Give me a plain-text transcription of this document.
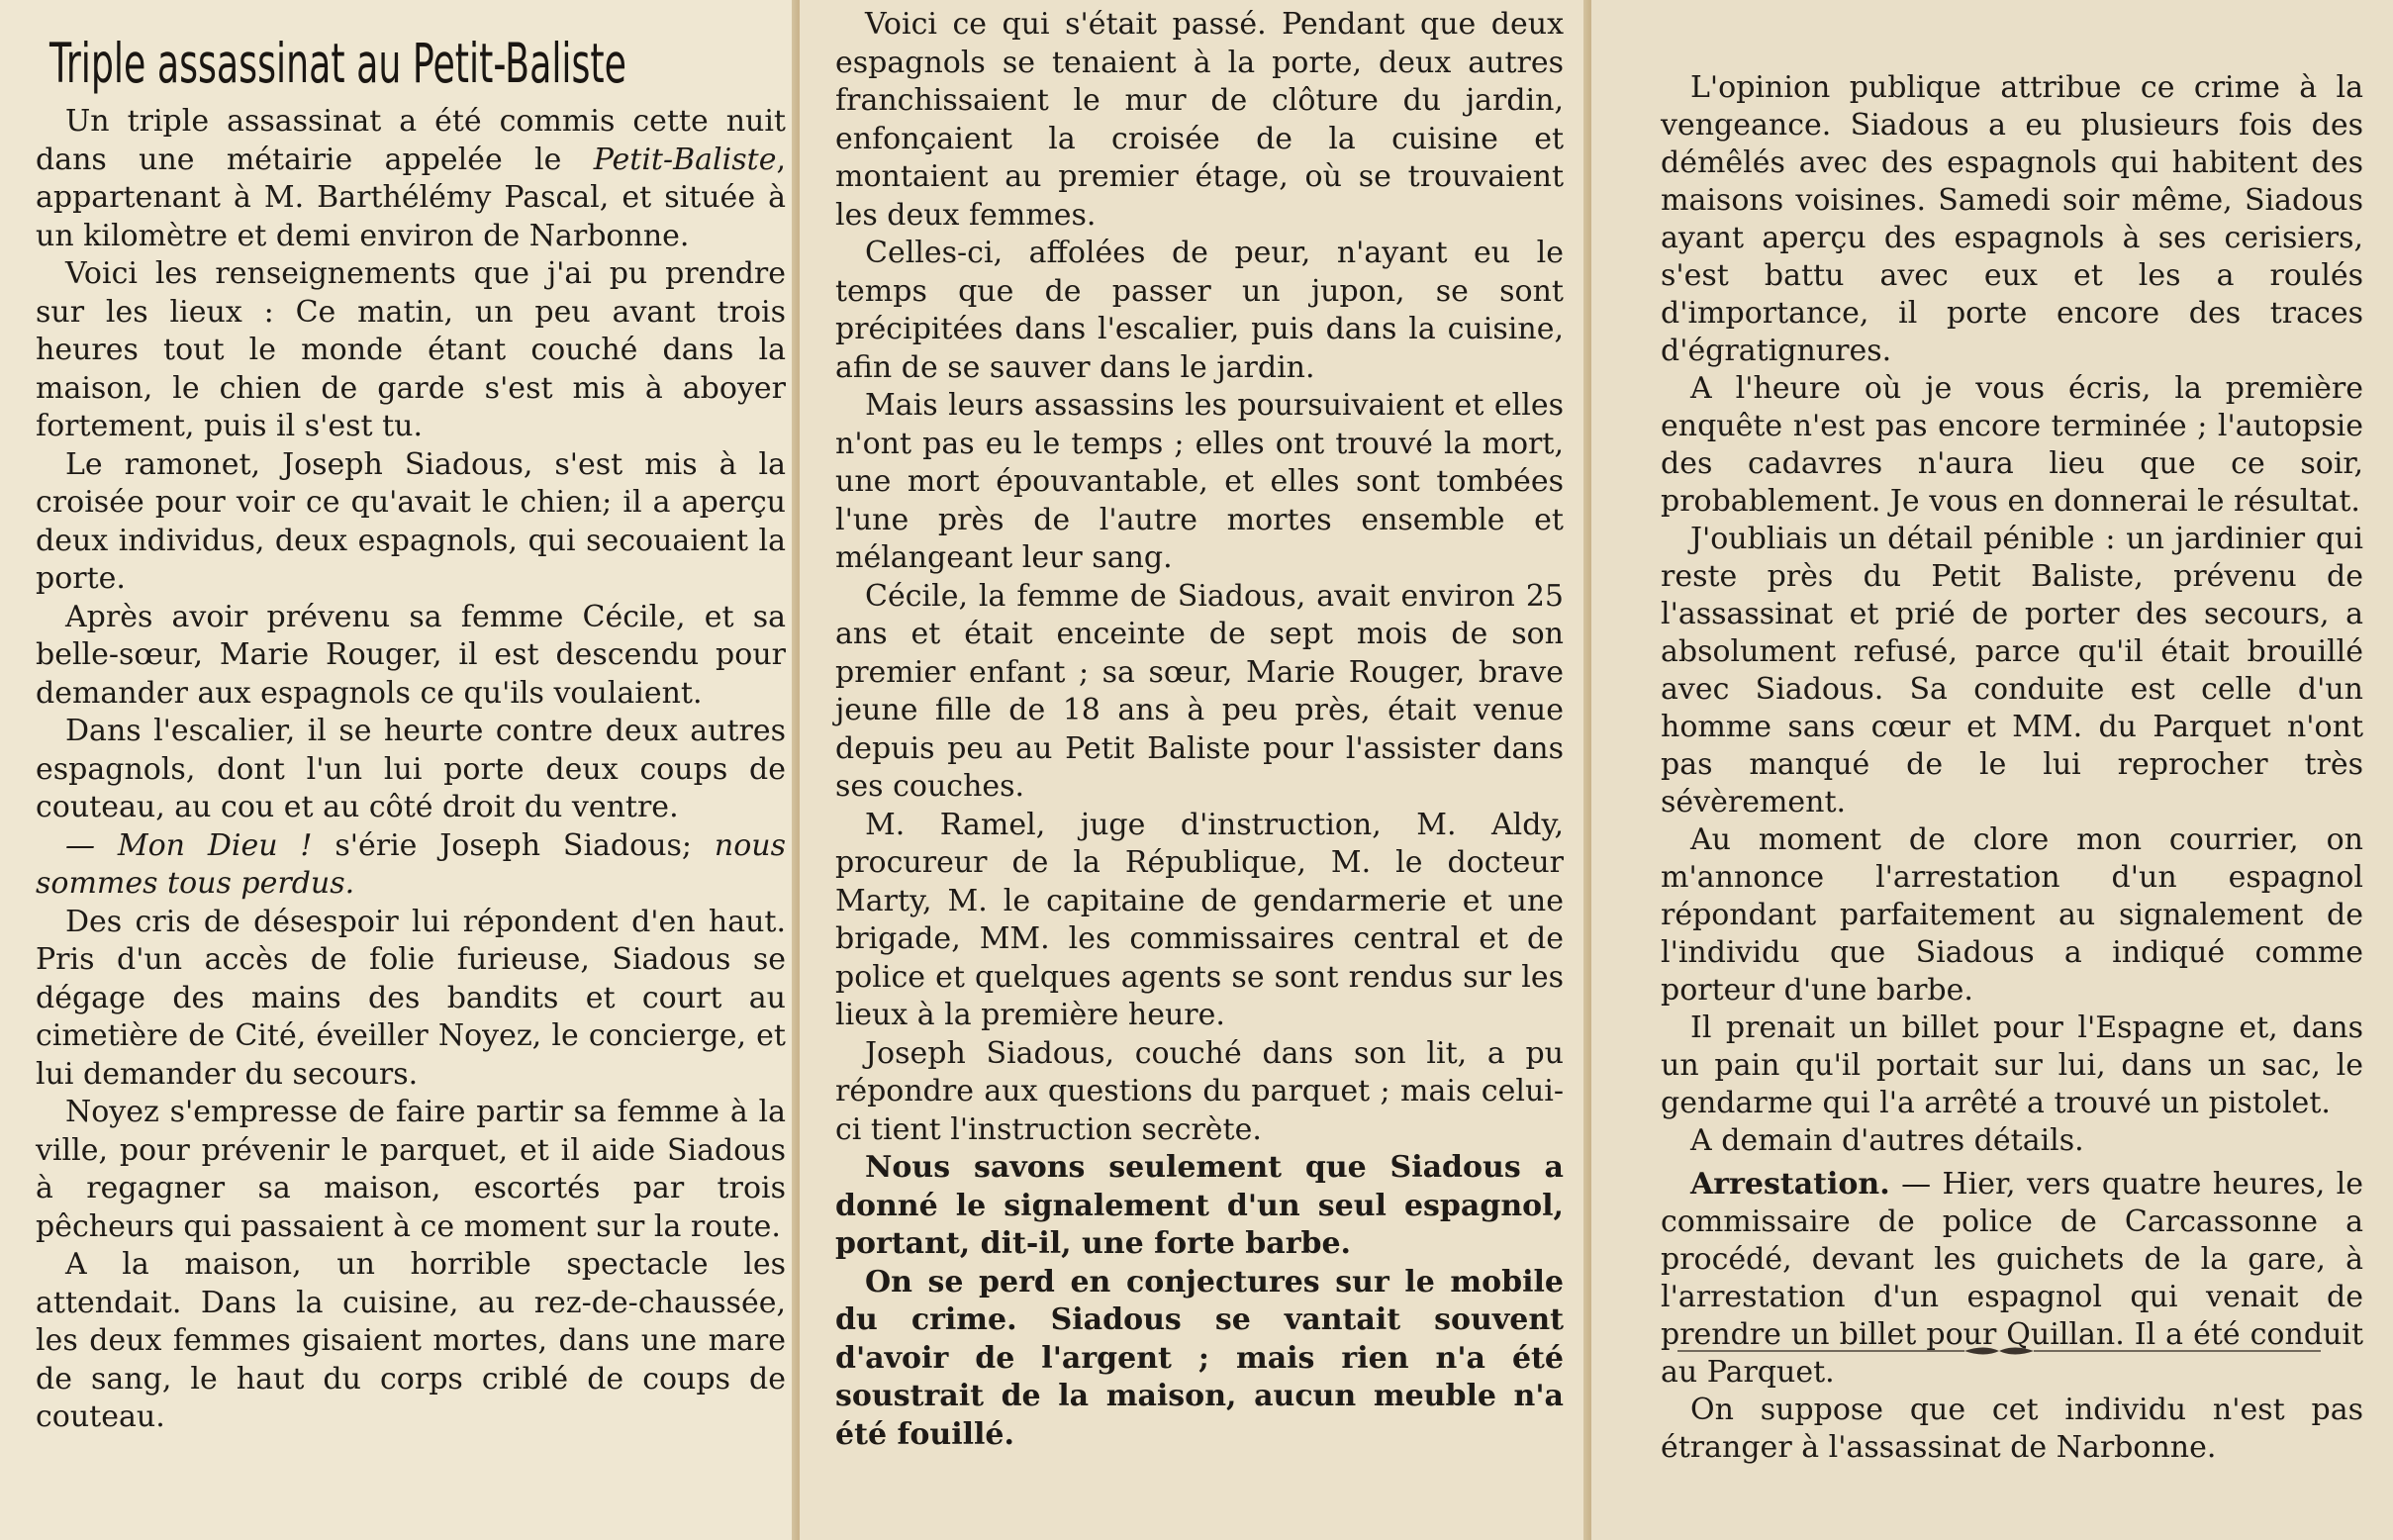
Triple assassinat au Petit-Baliste

Un triple assassinat a été commis cette nuit dans une métairie appelée le Petit-Baliste, appartenant à M. Barthélémy Pascal, et située à un kilomètre et demi environ de Narbonne.

Voici les renseignements que j'ai pu prendre sur les lieux : Ce matin, un peu avant trois heures tout le monde étant couché dans la maison, le chien de garde s'est mis à aboyer fortement, puis il s'est tu.

Le ramonet, Joseph Siadous, s'est mis à la croisée pour voir ce qu'avait le chien; il a aperçu deux individus, deux espagnols, qui secouaient la porte.

Après avoir prévenu sa femme Cécile, et sa belle-sœur, Marie Rouger, il est descendu pour demander aux espagnols ce qu'ils voulaient.

Dans l'escalier, il se heurte contre deux autres espagnols, dont l'un lui porte deux coups de couteau, au cou et au côté droit du ventre.

— Mon Dieu ! s'érie Joseph Siadous; nous sommes tous perdus.

Des cris de désespoir lui répondent d'en haut. Pris d'un accès de folie furieuse, Siadous se dégage des mains des bandits et court au cimetière de Cité, éveiller Noyez, le concierge, et lui demander du secours.

Noyez s'empresse de faire partir sa femme à la ville, pour prévenir le parquet, et il aide Siadous à regagner sa maison, escortés par trois pêcheurs qui passaient à ce moment sur la route.

A la maison, un horrible spectacle les attendait. Dans la cuisine, au rez-de-chaussée, les deux femmes gisaient mortes, dans une mare de sang, le haut du corps criblé de coups de couteau.

Voici ce qui s'était passé. Pendant que deux espagnols se tenaient à la porte, deux autres franchissaient le mur de clôture du jardin, enfonçaient la croisée de la cuisine et montaient au premier étage, où se trouvaient les deux femmes.

Celles-ci, affolées de peur, n'ayant eu le temps que de passer un jupon, se sont précipitées dans l'escalier, puis dans la cuisine, afin de se sauver dans le jardin.

Mais leurs assassins les poursuivaient et elles n'ont pas eu le temps ; elles ont trouvé la mort, une mort épouvantable, et elles sont tombées l'une près de l'autre mortes ensemble et mélangeant leur sang.

Cécile, la femme de Siadous, avait environ 25 ans et était enceinte de sept mois de son premier enfant ; sa sœur, Marie Rouger, brave jeune fille de 18 ans à peu près, était venue depuis peu au Petit Baliste pour l'assister dans ses couches.

M. Ramel, juge d'instruction, M. Aldy, procureur de la République, M. le docteur Marty, M. le capitaine de gendarmerie et une brigade, MM. les commissaires central et de police et quelques agents se sont rendus sur les lieux à la première heure.

Joseph Siadous, couché dans son lit, a pu répondre aux questions du parquet ; mais celui-ci tient l'instruction secrète.

Nous savons seulement que Siadous a donné le signalement d'un seul espagnol, portant, dit-il, une forte barbe.

On se perd en conjectures sur le mobile du crime. Siadous se vantait souvent d'avoir de l'argent ; mais rien n'a été soustrait de la maison, aucun meuble n'a été fouillé.

L'opinion publique attribue ce crime à la vengeance. Siadous a eu plusieurs fois des démêlés avec des espagnols qui habitent des maisons voisines. Samedi soir même, Siadous ayant aperçu des espagnols à ses cerisiers, s'est battu avec eux et les a roulés d'importance, il porte encore des traces d'égratignures.

A l'heure où je vous écris, la première enquête n'est pas encore terminée ; l'autopsie des cadavres n'aura lieu que ce soir, probablement. Je vous en donnerai le résultat.

J'oubliais un détail pénible : un jardinier qui reste près du Petit Baliste, prévenu de l'assassinat et prié de porter des secours, a absolument refusé, parce qu'il était brouillé avec Siadous. Sa conduite est celle d'un homme sans cœur et MM. du Parquet n'ont pas manqué de le lui reprocher très sévèrement.

Au moment de clore mon courrier, on m'annonce l'arrestation d'un espagnol répondant parfaitement au signalement de l'individu que Siadous a indiqué comme porteur d'une barbe.

Il prenait un billet pour l'Espagne et, dans un pain qu'il portait sur lui, dans un sac, le gendarme qui l'a arrêté a trouvé un pistolet.

A demain d'autres détails.

Arrestation. — Hier, vers quatre heures, le commissaire de police de Carcassonne a procédé, devant les guichets de la gare, à l'arrestation d'un espagnol qui venait de prendre un billet pour Quillan. Il a été conduit au Parquet.

On suppose que cet individu n'est pas étranger à l'assassinat de Narbonne.
